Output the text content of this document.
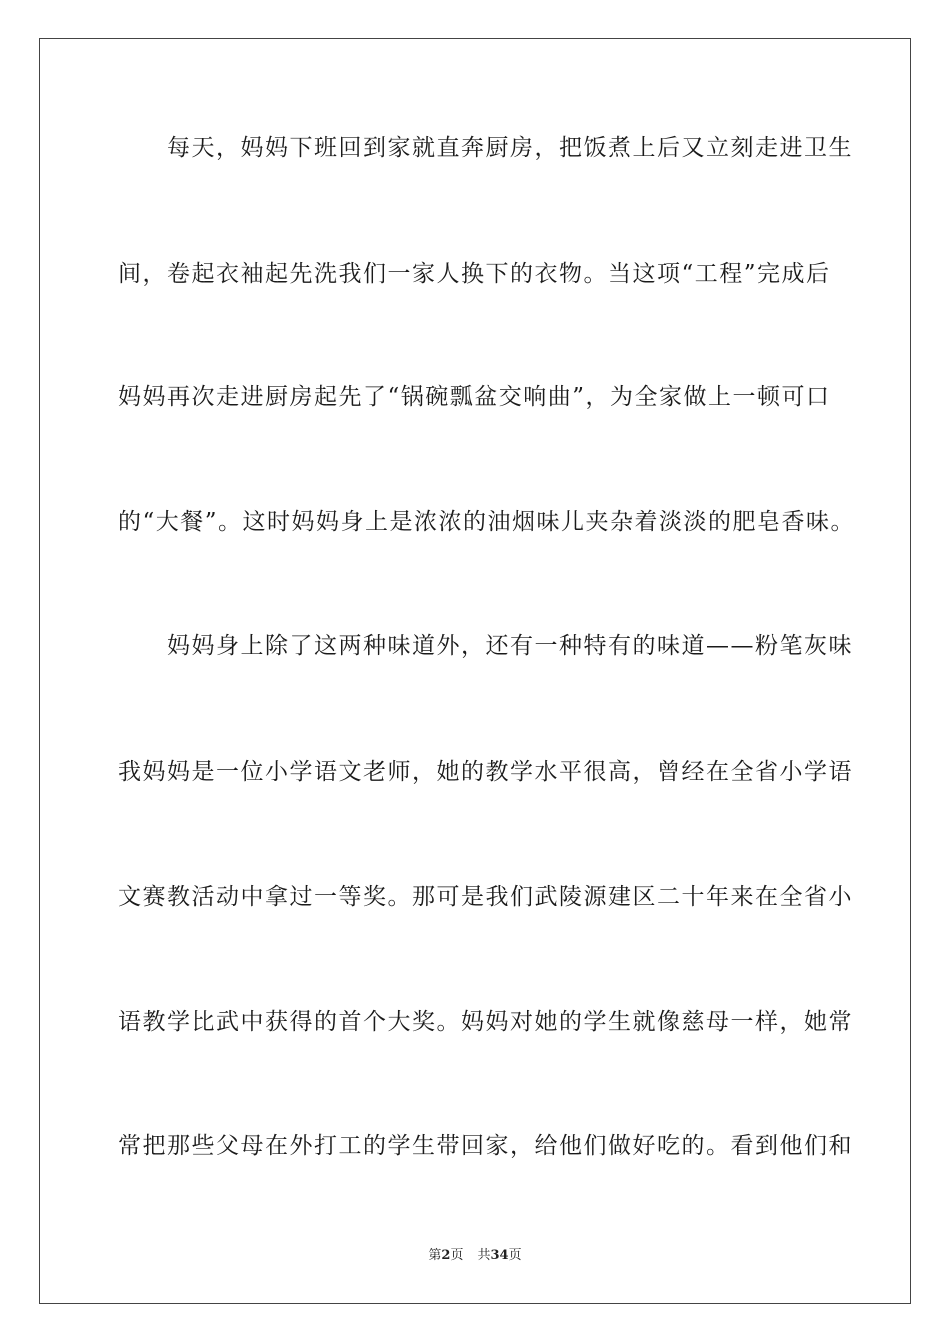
　　每天，妈妈下班回到家就直奔厨房，把饭煮上后又立刻走进卫生
间，卷起衣袖起先洗我们一家人换下的衣物。当这项“工程”完成后
妈妈再次走进厨房起先了“锅碗瓢盆交响曲”，为全家做上一顿可口
的“大餐”。这时妈妈身上是浓浓的油烟味儿夹杂着淡淡的肥皂香味。
　　妈妈身上除了这两种味道外，还有一种特有的味道——粉笔灰味
我妈妈是一位小学语文老师，她的教学水平很高，曾经在全省小学语
文赛教活动中拿过一等奖。那可是我们武陵源建区二十年来在全省小
语教学比武中获得的首个大奖。妈妈对她的学生就像慈母一样，她常
常把那些父母在外打工的学生带回家，给他们做好吃的。看到他们和
第2页 共34页
